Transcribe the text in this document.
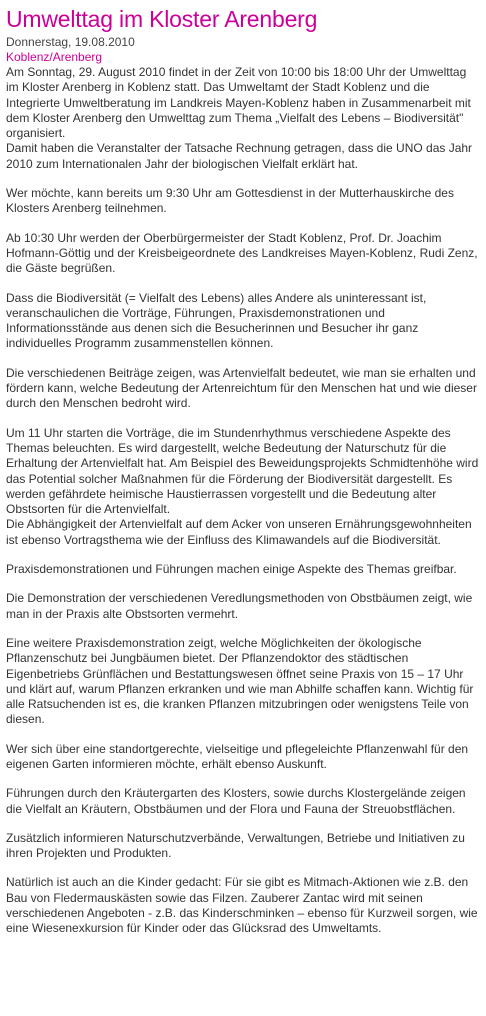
Umwelttag im Kloster Arenberg
Donnerstag, 19.08.2010
Koblenz/Arenberg

Am Sonntag, 29. August 2010 findet in der Zeit von 10:00 bis 18:00 Uhr der Umwelttag im Kloster Arenberg in Koblenz statt. Das Umweltamt der Stadt Koblenz und die Integrierte Umweltberatung im Landkreis Mayen-Koblenz haben in Zusammenarbeit mit dem Kloster Arenberg den Umwelttag zum Thema „Vielfalt des Lebens – Biodiversität" organisiert.
Damit haben die Veranstalter der Tatsache Rechnung getragen, dass die UNO das Jahr 2010 zum Internationalen Jahr der biologischen Vielfalt erklärt hat.

Wer möchte, kann bereits um 9:30 Uhr am Gottesdienst in der Mutterhauskirche des Klosters Arenberg teilnehmen.

Ab 10:30 Uhr werden der Oberbürgermeister der Stadt Koblenz, Prof. Dr. Joachim Hofmann-Göttig und der Kreisbeigeordnete des Landkreises Mayen-Koblenz, Rudi Zenz, die Gäste begrüßen.

Dass die Biodiversität (= Vielfalt des Lebens) alles Andere als uninteressant ist, veranschaulichen die Vorträge, Führungen, Praxisdemonstrationen und Informationsstände aus denen sich die Besucherinnen und Besucher ihr ganz individuelles Programm zusammenstellen können.

Die verschiedenen Beiträge zeigen, was Artenvielfalt bedeutet, wie man sie erhalten und fördern kann, welche Bedeutung der Artenreichtum für den Menschen hat und wie dieser durch den Menschen bedroht wird.

Um 11 Uhr starten die Vorträge, die im Stundenrhythmus verschiedene Aspekte des Themas beleuchten. Es wird dargestellt, welche Bedeutung der Naturschutz für die Erhaltung der Artenvielfalt hat. Am Beispiel des Beweidungsprojekts Schmidtenhöhe wird das Potential solcher Maßnahmen für die Förderung der Biodiversität dargestellt. Es werden gefährdete heimische Haustierrassen vorgestellt und die Bedeutung alter Obstsorten für die Artenvielfalt.
Die Abhängigkeit der Artenvielfalt auf dem Acker von unseren Ernährungsgewohnheiten ist ebenso Vortragsthema wie der Einfluss des Klimawandels auf die Biodiversität.

Praxisdemonstrationen und Führungen machen einige Aspekte des Themas greifbar.

Die Demonstration der verschiedenen Veredlungsmethoden von Obstbäumen zeigt, wie man in der Praxis alte Obstsorten vermehrt.

Eine weitere Praxisdemonstration zeigt, welche Möglichkeiten der ökologische Pflanzenschutz bei Jungbäumen bietet. Der Pflanzendoktor des städtischen Eigenbetriebs Grünflächen und Bestattungswesen öffnet seine Praxis von 15 – 17 Uhr und klärt auf, warum Pflanzen erkranken und wie man Abhilfe schaffen kann. Wichtig für alle Ratsuchenden ist es, die kranken Pflanzen mitzubringen oder wenigstens Teile von diesen.

Wer sich über eine standortgerechte, vielseitige und pflegeleichte Pflanzenwahl für den eigenen Garten informieren möchte, erhält ebenso Auskunft.

Führungen durch den Kräutergarten des Klosters, sowie durchs Klostergelände zeigen die Vielfalt an Kräutern, Obstbäumen und der Flora und Fauna der Streuobstflächen.

Zusätzlich informieren Naturschutzverbände, Verwaltungen, Betriebe und Initiativen zu ihren Projekten und Produkten.

Natürlich ist auch an die Kinder gedacht: Für sie gibt es Mitmach-Aktionen wie z.B. den Bau von Fledermauskästen sowie das Filzen. Zauberer Zantac wird mit seinen verschiedenen Angeboten - z.B. das Kinderschminken – ebenso für Kurzweil sorgen, wie eine Wiesenexkursion für Kinder oder das Glücksrad des Umweltamts.
